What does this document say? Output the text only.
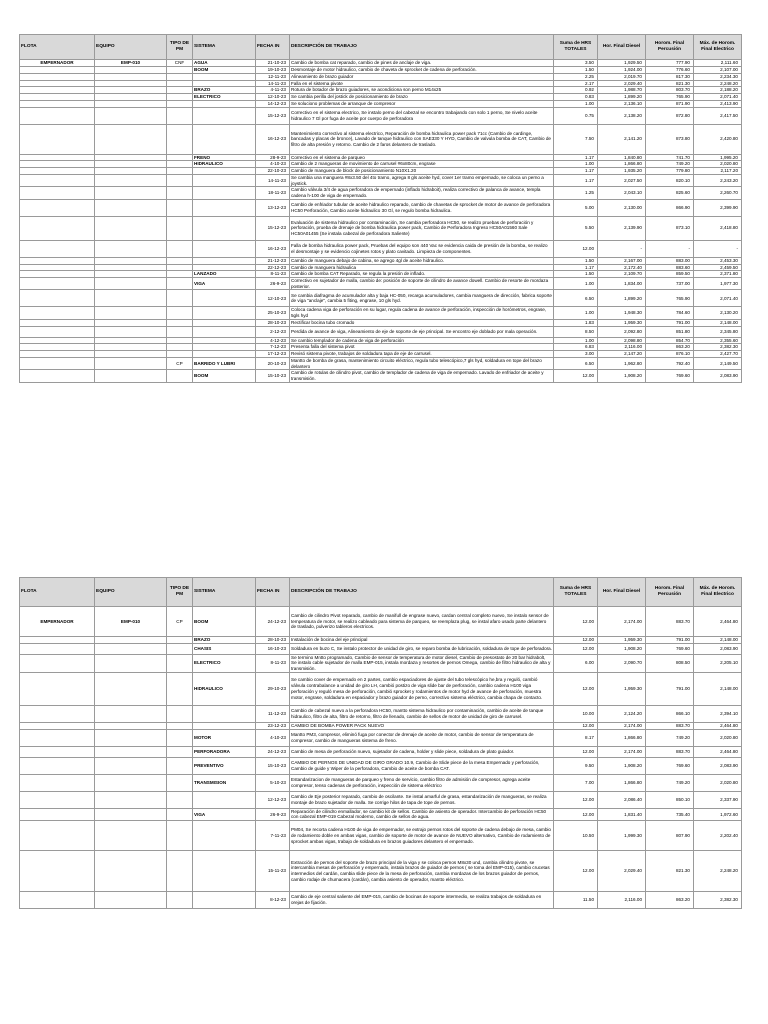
FLOTA	EQUIPO	TIPO DE PM	SISTEMA	FECHA IN	DESCRIPCIÓN DE TRABAJO	Suma de HRS TOTALES	Hor. Final Diesel	Horom. Final Percusión	Máx. de Horom. Final Electrico
EMPERNADOR	EMP-010	CNF	AGUA	21-10-23	Cambio de bomba cat reparado, cambio de pines de anclaje de viga.	3.50	1,929.50	777.90	2,111.60
			BOOM	19-10-23	Desmontaje de motor hidraulico, cambio de chaveta de sprocket de cadena de perforación.	1.50	1,924.00	776.60	2,107.00
				12-11-23	Alineamiento de brazo guiador	2.25	2,019.70	817.30	2,234.30
				14-11-23	Falla en el sistema pivote	2.17	2,029.40	821.30	2,248.20
			BRAZO	4-11-23	Rotura de botador de brazo guiadores, se acondiciona son perno M14x25	0.92	1,988.70	803.70	2,188.20
			ELECTRICO	12-10-23	Se cambia perilla del jostick de posicionamiento de brazo	0.83	1,899.20	765.90	2,071.40
				14-12-23	Se soluciono problemas de arranque de compresor	1.00	2,136.10	871.90	2,413.90
				15-12-23	Correctivo en el sistema electrico, Se instalo perno del cabezal se encontro trabajando con solo 1 perno, Se nivelo aceite hidraulico 7 Gl por fuga de aceite por cuerpo de perforadora	0.75	2,138.20	872.80	2,417.50
				16-12-23	Mantenimiento correctivo al sistema electrico, Reparación de bomba hidraulica power pack 71cc (Cambio de cardinge, bancadas y placas de bronce), Lavado de tanque hidraulico con SAE330 Y HYD, Cambio de valvula bomba de CAT, Cambio de filtro de alta presión y retorno. Cambio de 2 faros delantero de traslado.	7.50	2,141.20	873.80	2,420.80
			FRENO	28-9-23	Correctivo en el sistema de parqueo	1.17	1,840.80	741.70	1,995.20
			HIDRAULICO	4-10-23	Cambio de 2 mangueras de movimiento de carrusel #6x80cm, engrase	1.00	1,866.80	749.20	2,020.80
				22-10-23	Cambio de manguera de block de posicionamiento N10X1.20	1.17	1,935.20	779.80	2,117.20
				14-11-23	Se cambia una manguera #8x3.50 del 4to tramo, agrega 8 gls aceite hyd, cover 1er tramo empernado, se coloca un perno a joystick.	1.17	2,027.50	820.10	2,243.20
				18-11-23	Cambio válvula 3/4 de agua perforadora de empernado (inflado hidraboit), realiza correctivo de palanca de avance, templa cadena h-100 de viga de empernado.	1.25	2,043.10	825.60	2,260.70
				13-12-23	Cambio de enfriador tubular de aceite hidraulico reparado, cambio de chavetas de sprocket de motor de avance de perforadora HC50 Perforación, Cambio aceite hidraulico 30 Gl, se regulo bomba hidraulica.	5.00	2,130.00	866.90	2,399.90
				15-12-23	Evaluación de sistema hidraulico por contaminación, Se cambia perforadora HC50, se realizo pruebas de perforación y perforación, prueba de drenaje de bomba hidraulica power pack, Cambio de Perforadora Ingreso HC50A01560 Sale HC50A01455 (Se instala cabezal de perforadora Saliente)	5.50	2,139.90	873.10	2,418.80
				16-12-23	Falla de bomba hidraulica power pack, Pruebas del equipo son 440 Vac se evidencia caida de presión de la bomba, se realizo el desmontaje y se evidencio cojinetes rotos y plato cavitado. Limpieza de componentes.	12.00	-	-	-
				21-12-23	Cambio de manguera debajo de cabina, se agrego 4gl de aceite hidraulico.	1.50	2,167.00	883.00	2,453.30
				22-12-23	Cambio de manguera hidraulica	1.17	2,172.40	883.60	2,459.50
			LANZADO	8-11-23	Cambio de bomba CAT Reparado, se regula la presión de inflado.	1.50	2,109.70	859.50	2,371.80
			VIGA	26-9-23	Correctivo en sujetador de malla, cambio de: posición de soporte de cilindro de avance dowell. Cambio de resorte de mordaza posterior.	1.00	1,834.00	737.00	1,977.30
				12-10-23	Se cambia diafragma de acumulador alta y baja HC-050, recarga acumuladores, cambia manguera de dirección, fabrica soporte de viga "anclaje", cambia 5 fiting, engrase, 10 gls hyd.	6.50	1,899.20	765.90	2,071.40
				25-10-23	Coloca cadena viga de perforación en su lugar, regula cadena de avance de perforación, inspección de horómetros, engrase, 5gls hyd	1.00	1,948.30	784.60	2,130.20
				28-10-23	Rectificar bocina tubo cromado	1.83	1,959.30	791.00	2,148.00
				2-12-23	Perdida de avance de viga, Alineamiento de eje de soporte de eje principal. Se encontro eje doblado por mala operación.	8.50	2,092.80	851.80	2,345.80
				4-12-23	Se cambio templador de cadena de viga de perforación	1.00	2,098.80	854.70	2,355.60
				7-12-23	Presenta falla del sistema pivot	6.83	2,116.00	863.20	2,382.30
				17-12-23	Revisó sistema pivote, trabajos de soldadura tapa de eje de carrusel.	3.00	2,147.20	876.10	2,427.70
		CP	BARRIDO Y LUBRI	20-10-23	Mantto de bomba de grasa, mantenimiento circuito eléctrico, regula tubo telescópico,7 gls hyd, soldadura en tope del brazo delantero	6.50	1,962.80	792.40	2,149.50
			BOOM	15-10-23	Cambio de rotulas de cilindro pivot, cambio de templador de cadena de viga de empernado. Lavado de enfriador de aceite y transmisión.	12.00	1,908.20	769.60	2,083.90
FLOTA	EQUIPO	TIPO DE PM	SISTEMA	FECHA IN	DESCRIPCIÓN DE TRABAJO	Suma de HRS TOTALES	Hor. Final Diesel	Horom. Final Percusión	Máx. de Horom. Final Electrico
EMPERNADOR	EMP-010	CP	BOOM	24-12-23	Cambio de cilindro Pivot reparado, cambio de manifull de engrase nuevo, cardan central completo nuevo, Se instalo sensor de temperatura de motor, se realizo cableado para sistema de parqueo, se reemplaza plug, se instal afaro usado parte delantero de traslado, pulverizo tableros electricos.	12.00	2,174.00	883.70	2,464.80
			BRAZO	28-10-23	Instalación de bocina del eje principal	12.00	1,959.30	791.00	2,148.00
			CHASIS	16-10-23	Soldadura en buzo C, Se instalo protector de unidad de giro, se reparo bomba de lubricación, soldadura de tope de perforadora.	12.00	1,908.20	769.60	2,083.90
			ELECTRICO	8-11-23	Se termino Mntto programado, Cambio de sensor de temperatura de motor diesel, Cambio de presostato de 20 bar hidrabolt, Se instalo cable sujetador de malla EMP-015, instala mordaza y resortes de pernos Omega, cambio de filtro hidraulico de alta y transmisión.	6.00	2,090.70	808.50	2,205.10
			HIDRAULICO	29-10-23	Se cambio cover de empernado en 2 partes, cambio espaciadores de ajuste del tubo telescópico he,bra y reguló, cambió válvula contrabalance a unidad de giro LH, cambió postizo de viga slide bar de perforación, cambio cadena H100 viga perforación y reguló mesa de perforación, cambió sprocket y rodamientos de motor hyd de avance de perforación, muestra motor, engrase, soldadura en espaciador y brazo guiador de perno, correctivo sistema eléctrico, cambia chapa de contacto.	12.00	1,959.30	791.00	2,148.00
				11-12-23	Cambio de cabezal nuevo a la perforadora HC50, mantto sistema hidraulico por contaminación, cambio de aceite de tanque hidraulico, filtro de alta, filtro de retorno, filtro de llenado, cambio de sellos de motor de unidad de giro de carrusel.	10.00	2,124.20	866.10	2,394.10
				23-12-23	CAMBIO DE BOMBA POWER PACK NUEVO	12.00	2,174.00	883.70	2,464.80
			MOTOR	4-10-23	Mantto PM3, compresor, eliminó fuga por conector de drenaje de aceite de motor, cambio de sensor de temperatura de compresor, cambio de mangueras sistema de freno.	8.17	1,866.80	749.20	2,020.80
			PERFORADORA	24-12-23	Cambio de mesa de perforación nuevo, sujetador de cadena, holder y slide piece, soldadura de plato guiador.	12.00	2,174.00	883.70	2,464.80
			PREVENTIVO	15-10-23	CAMBIO DE PERNOS DE UNIDAD DE GIRO GRADO 10.9, Cambio de Slide piece de la mesa Empernado y perforación, Cambio de guide y Wiper de la perforadora, Cambio de aceite de bomba CAT.	9.50	1,908.20	769.60	2,083.90
			TRANSMISION	5-10-23	Estandarizacion de mangueras de parqueo y freno de servicio, cambio filtro de admisión de compresor, agrega aceite compresor, tenso cadenas de perforación, inspección de sistema eléctrico	7.00	1,866.80	749.20	2,020.80
				12-12-23	Cambio de Eje posterior reparado, cambio de oscilante. Se instal amarful de grasa, estandarización de mangueras, se realiza montaje de brazo sujetador de malla. Se corrige hilos de tapa de tope de pernos.	12.00	2,086.40	850.10	2,337.90
			VIGA	26-9-23	Reparación de cilindro enmallador, se cambio kit de sellos. Cambio de asiento de operador. Intercambio de perforación HC50 con cabezal EMP-019 Cabezal moderno, cambio de sellos de agua.	12.00	1,831.40	735.40	1,972.60
				7-11-23	PM04, Se recorta cadena H100 de viga de empernador, se extrajo pernos rotos del soporte de cadena debajo de mesa, cambio de rodamiento doble en ambas vigas, cambio de soporte de motor de avance de NUEVO alternativo, Cambio de rodamiento de sprocket ambas vigas, trabajo de soldadura en brazos guiadores delantero el empernado.	10.50	1,999.30	807.90	2,202.40
				15-11-23	Extracción de pernos del soporte de brazo principal de la viga y se coloca pernos M8x30 und, cambia cilindro pivote, se intercambia mesas de perforación y empernado, instala brazos de guiador de pernos ( se toma del EMP-015), cambio crucetas intermedios del cardán, cambia slide piece de la mesa de perforación, cambia mordazas de los brazos guiador de pernos, cambio rodaje de chumacera (cardán), cambia asiento de operador, mantto eléctrico.	12.00	2,029.40	821.30	2,248.20
				8-12-23	Cambio de eje central saliente del EMP-015, cambio de bocinas de soporte intermedio, se realiza trabajos de soldadura en orejas de fijación.	11.50	2,116.00	863.20	2,382.30
